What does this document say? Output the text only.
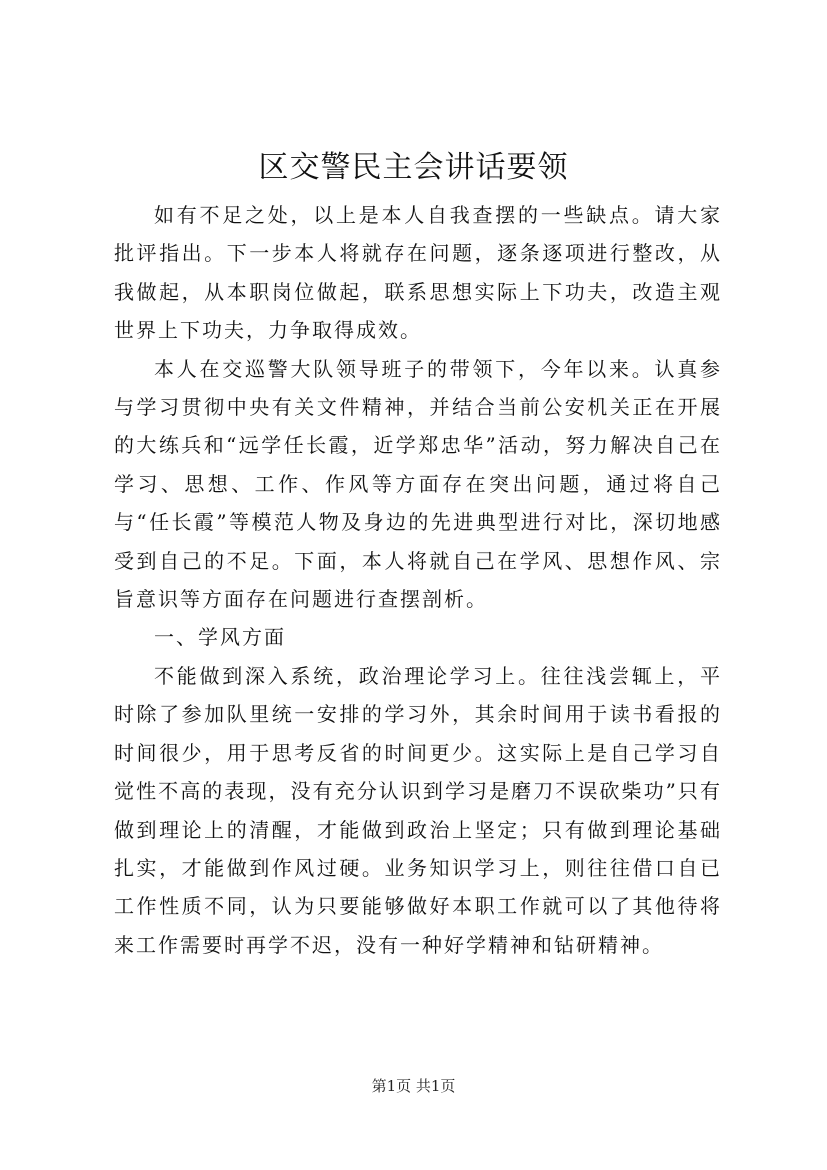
区交警民主会讲话要领

如有不足之处，以上是本人自我查摆的一些缺点。请大家批评指出。下一步本人将就存在问题，逐条逐项进行整改，从我做起，从本职岗位做起，联系思想实际上下功夫，改造主观世界上下功夫，力争取得成效。

本人在交巡警大队领导班子的带领下，今年以来。认真参与学习贯彻中央有关文件精神，并结合当前公安机关正在开展的大练兵和“远学任长霞，近学郑忠华”活动，努力解决自己在学习、思想、工作、作风等方面存在突出问题，通过将自己与“任长霞”等模范人物及身边的先进典型进行对比，深切地感受到自己的不足。下面，本人将就自己在学风、思想作风、宗旨意识等方面存在问题进行查摆剖析。

一、学风方面

不能做到深入系统，政治理论学习上。往往浅尝辄上，平时除了参加队里统一安排的学习外，其余时间用于读书看报的时间很少，用于思考反省的时间更少。这实际上是自己学习自觉性不高的表现，没有充分认识到学习是磨刀不误砍柴功”只有做到理论上的清醒，才能做到政治上坚定；只有做到理论基础扎实，才能做到作风过硬。业务知识学习上，则往往借口自已工作性质不同，认为只要能够做好本职工作就可以了其他待将来工作需要时再学不迟，没有一种好学精神和钻研精神。

第1页 共1页
